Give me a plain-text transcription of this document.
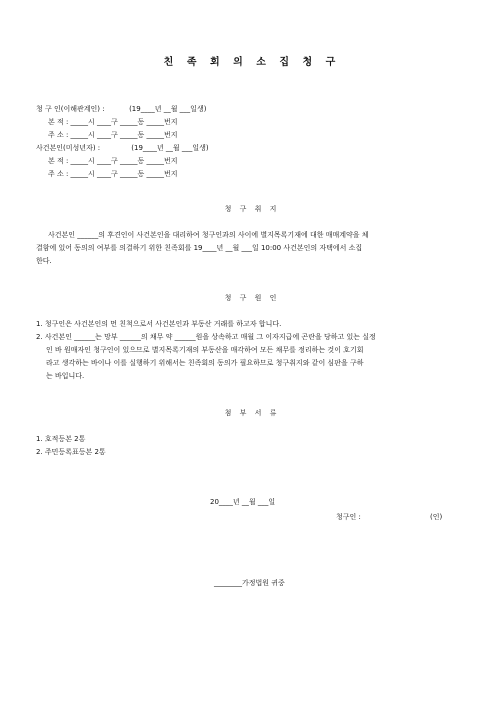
친 족 회 의 소 집 청 구
청 구 인(이해관계인) :           (19____년 __월 ___일생)
본 적 : _____시 ____구 _____동 _____번지
주 소 : _____시 ____구 _____동 _____번지
사건본인(미성년자) :              (19____년 __월 ___일생)
본 적 : _____시 ____구 _____동 _____번지
주 소 : _____시 ____구 _____동 _____번지
청 구 취 지
사건본인 ______의 후견인이 사건본인을 대리하여 청구인과의 사이에 별지목록기재에 대한 매매계약을 체
결함에 있어 동의의 여부를 의결하기 위한 친족회를 19____년 __월 ___일 10:00 사건본인의 자택에서 소집
한다.
청 구 원 인
1. 청구인은 사건본인의 먼 친척으로서 사건본인과 부동산 거래를 하고자 합니다.
2. 사건본인 ______는 망부 ______의 채무 약 ______원을 상속하고 매월 그 이자지급에 곤란을 당하고 있는 실정
인 바 원매자인 청구인이 있으므로 별지목록기재의 부동산을 매각하여 모든 채무를 정리하는 것이 호기회
라고 생각하는 바이나 이를 실행하기 위해서는 친족회의 동의가 필요하므로 청구취지와 같이 심판을 구하
는 바입니다.
첨 부 서 류
1. 호적등본 2통
2. 주민등록표등본 2통
20____년 __월 ___일
청구인 :	(인)
________가정법원 귀중
